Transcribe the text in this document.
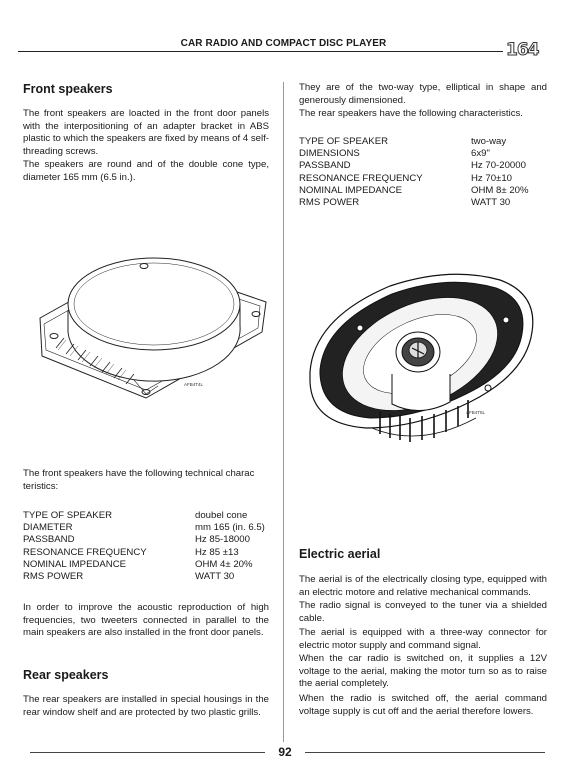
CAR RADIO AND COMPACT DISC PLAYER	164
Front speakers

The front speakers are loacted in the front door panels with the interpositioning of an adapter bracket in ABS plastic to which the speakers are fixed by means of 4 self-threading screws.

The speakers are round and of the double cone type, diameter 165 mm (6.5 in.).

AFB4T4L

The front speakers have the following technical charac teristics:

TYPE OF SPEAKER	doubel cone
DIAMETER	mm 165 (in. 6.5)
PASSBAND	Hz 85-18000
RESONANCE FREQUENCY	Hz 85 ±13
NOMINAL IMPEDANCE	OHM 4± 20%
RMS POWER	WATT 30

In order to improve the acoustic reproduction of high frequencies, two tweeters connected in parallel to the main speakers are also installed in the front door panels.

Rear speakers

The rear speakers are installed in special housings in the rear window shelf and are protected by two plastic grills.

They are of the two-way type, elliptical in shape and generously dimensioned.

The rear speakers have the following characteristics.

TYPE OF SPEAKER	two-way
DIMENSIONS	6x9"
PASSBAND	Hz 70-20000
RESONANCE FREQUENCY	Hz 70±10
NOMINAL IMPEDANCE	OHM 8± 20%
RMS POWER	WATT 30
AFB4T5L
Electric aerial

The aerial is of the electrically closing type, equipped with an electric motore and relative mechanical commands.

The radio signal is conveyed to the tuner via a shielded cable.

The aerial is equipped with a three-way connector for electric motor supply and command signal.

When the car radio is switched on, it supplies a 12V voltage to the aerial, making the motor turn so as to raise the aerial completely.

When the radio is switched off, the aerial command voltage supply is cut off and the aerial therefore lowers.

92
